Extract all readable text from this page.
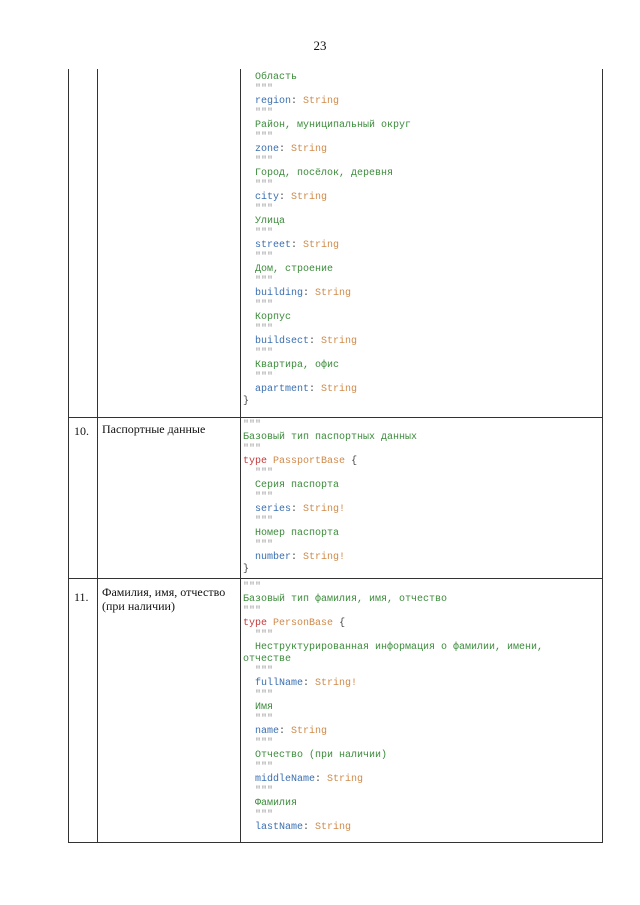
23
10. Паспортные данные
11. Фамилия, имя, отчество (при наличии)
Область
"""
region: String
"""
Район, муниципальный округ
"""
zone: String
"""
Город, посёлок, деревня
"""
city: String
"""
Улица
"""
street: String
"""
Дом, строение
"""
building: String
"""
Корпус
"""
buildsect: String
"""
Квартира, офис
"""
apartment: String
}
"""
Базовый тип паспортных данных
"""
type PassportBase {
"""
Серия паспорта
"""
series: String!
"""
Номер паспорта
"""
number: String!
}
"""
Базовый тип фамилия, имя, отчество
"""
type PersonBase {
"""
Неструктурированная информация о фамилии, имени,
отчестве
"""
fullName: String!
"""
Имя
"""
name: String
"""
Отчество (при наличии)
"""
middleName: String
"""
Фамилия
"""
lastName: String
